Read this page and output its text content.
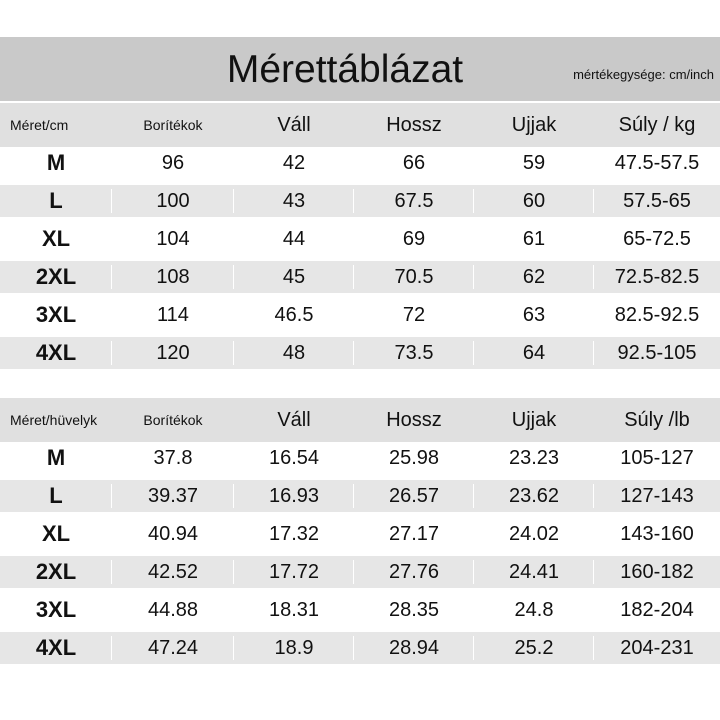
Mérettáblázat	mértékegysége: cm/inch
Méret/cm	Borítékok	Váll	Hossz	Ujjak	Súly / kg
M	96	42	66	59	47.5-57.5
L	100	43	67.5	60	57.5-65
XL	104	44	69	61	65-72.5
2XL	108	45	70.5	62	72.5-82.5
3XL	114	46.5	72	63	82.5-92.5
4XL	120	48	73.5	64	92.5-105
Méret/hüvelyk	Borítékok	Váll	Hossz	Ujjak	Súly /lb
M	37.8	16.54	25.98	23.23	105-127
L	39.37	16.93	26.57	23.62	127-143
XL	40.94	17.32	27.17	24.02	143-160
2XL	42.52	17.72	27.76	24.41	160-182
3XL	44.88	18.31	28.35	24.8	182-204
4XL	47.24	18.9	28.94	25.2	204-231
